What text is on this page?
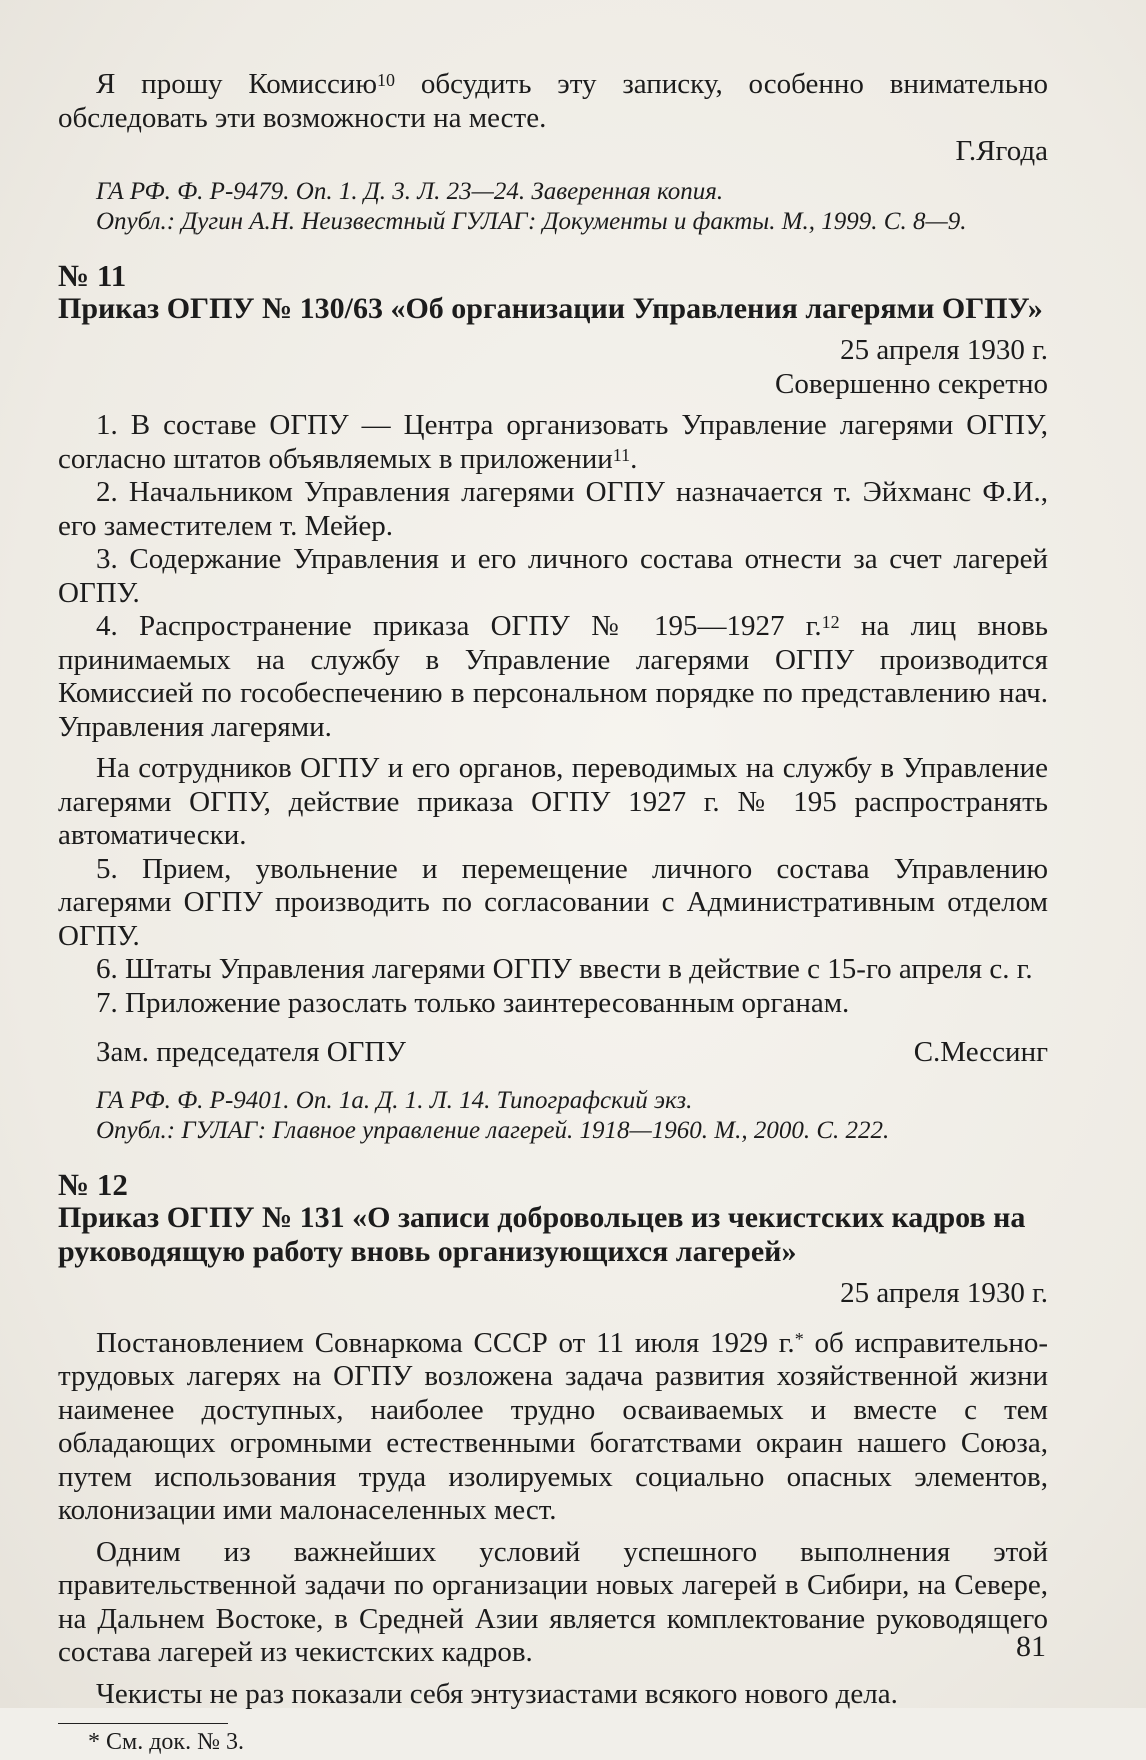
Я прошу Комиссию$^{10}$ обсудить эту записку, особенно внимательно обследовать эти возможности на месте.

Г.Ягода

ГА РФ. Ф. Р-9479. Оп. 1. Д. 3. Л. 23—24. Заверенная копия.

Опубл.: Дугин А.Н. Неизвестный ГУЛАГ: Документы и факты. М., 1999. С. 8—9.

№ 11

Приказ ОГПУ № 130/63 «Об организации Управления лагерями ОГПУ»

25 апреля 1930 г.

Совершенно секретно

1. В составе ОГПУ — Центра организовать Управление лагерями ОГПУ, согласно штатов объявляемых в приложении$^{11}$.

2. Начальником Управления лагерями ОГПУ назначается т. Эйхманс Ф.И., его заместителем т. Мейер.

3. Содержание Управления и его личного состава отнести за счет лагерей ОГПУ.

4. Распространение приказа ОГПУ № 195—1927 г.$^{12}$ на лиц вновь принимаемых на службу в Управление лагерями ОГПУ производится Комиссией по гособеспечению в персональном порядке по представлению нач. Управления лагерями.

На сотрудников ОГПУ и его органов, переводимых на службу в Управление лагерями ОГПУ, действие приказа ОГПУ 1927 г. № 195 распространять автоматически.

5. Прием, увольнение и перемещение личного состава Управлению лагерями ОГПУ производить по согласовании с Административным отделом ОГПУ.

6. Штаты Управления лагерями ОГПУ ввести в действие с 15-го апреля с. г.

7. Приложение разослать только заинтересованным органам.

Зам. председателя ОГПУ	С.Мессинг

ГА РФ. Ф. Р-9401. Оп. 1а. Д. 1. Л. 14. Типографский экз.

Опубл.: ГУЛАГ: Главное управление лагерей. 1918—1960. М., 2000. С. 222.

№ 12

Приказ ОГПУ № 131 «О записи добровольцев из чекистских кадров на руководящую работу вновь организующихся лагерей»

25 апреля 1930 г.

Постановлением Совнаркома СССР от 11 июля 1929 г.* об исправительно-трудовых лагерях на ОГПУ возложена задача развития хозяйственной жизни наименее доступных, наиболее трудно осваиваемых и вместе с тем обладающих огромными естественными богатствами окраин нашего Союза, путем использования труда изолируемых социально опасных элементов, колонизации ими малонаселенных мест.

Одним из важнейших условий успешного выполнения этой правительственной задачи по организации новых лагерей в Сибири, на Севере, на Дальнем Востоке, в Средней Азии является комплектование руководящего состава лагерей из чекистских кадров.

Чекисты не раз показали себя энтузиастами всякого нового дела.

* См. док. № 3.

81
